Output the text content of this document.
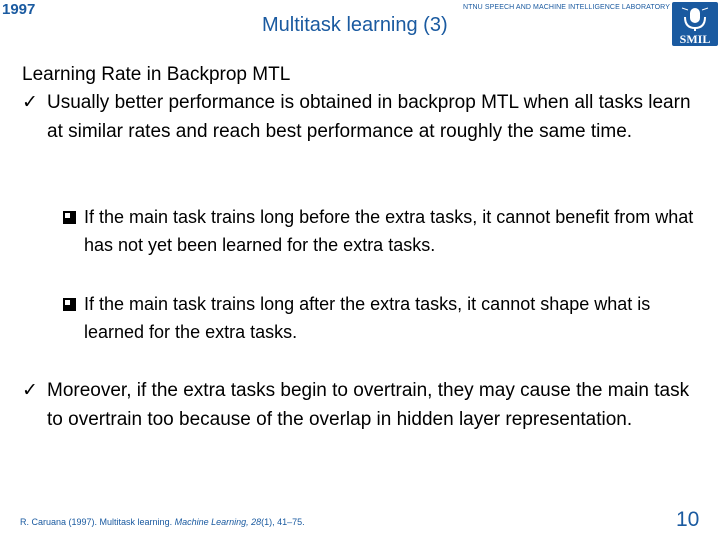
1997
Multitask learning (3)
NTNU SPEECH AND MACHINE INTELLIGENCE LABORATORY
SMIL
Learning Rate in Backprop MTL
✓ Usually better performance is obtained in backprop MTL when all tasks learn at similar rates and reach best performance at roughly the same time.
If the main task trains long before the extra tasks, it cannot benefit from what has not yet been learned for the extra tasks.
If the main task trains long after the extra tasks, it cannot shape what is learned for the extra tasks.
✓ Moreover, if the extra tasks begin to overtrain, they may cause the main task to overtrain too because of the overlap in hidden layer representation.
R. Caruana (1997). Multitask learning. Machine Learning, 28(1), 41–75.	10
